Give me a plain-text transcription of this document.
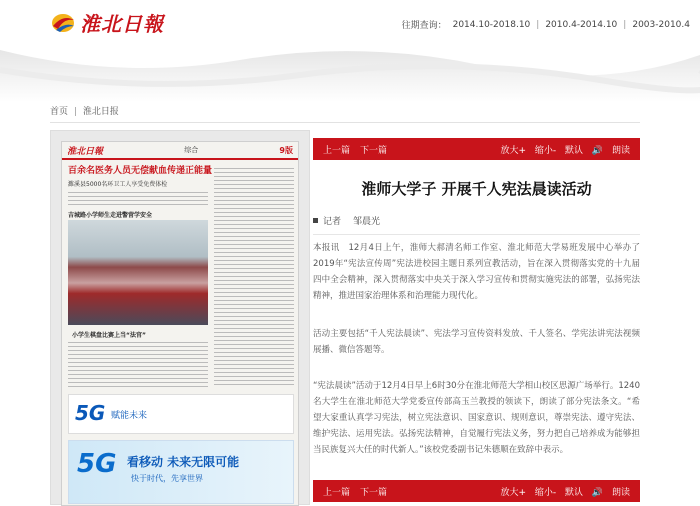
淮北日報	往期查询： 2014.10-2018.10 | 2010.4-2014.10 | 2003-2010.4
首页 | 淮北日报
淮北日報	综合	9版
百余名医务人员无偿献血传递正能量
濉溪县5000名环卫工人享受免费体检
吉城路小学师生走进警营学安全
小学生棋盘比赛上当“法官”
5G 赋能未来
5G 看移动 未来无限可能
快于时代，先享世界
上一篇 下一篇	放大+ 缩小- 默认 🔊 朗读
淮师大学子 开展千人宪法晨读活动
记者 邹晨光

本报讯　12月4日上午，淮师大郝清名师工作室、淮北师范大学易班发展中心举办了2019年“宪法宣传周”宪法进校园主题日系列宣教活动，旨在深入贯彻落实党的十九届四中全会精神，深入贯彻落实中央关于深入学习宣传和贯彻实施宪法的部署，弘扬宪法精神，推进国家治理体系和治理能力现代化。

活动主要包括“千人宪法晨读”、宪法学习宣传资料发放、千人签名、学宪法讲宪法视频展播、微信答题等。

“宪法晨读”活动于12月4日早上6时30分在淮北师范大学相山校区思源广场举行。1240名大学生在淮北师范大学党委宣传部高玉兰教授的领读下，朗读了部分宪法条文。“希望大家重认真学习宪法，树立宪法意识、国家意识、规则意识，尊崇宪法、遵守宪法、维护宪法、运用宪法。弘扬宪法精神，自觉履行宪法义务，努力把自己培养成为能够担当民族复兴大任的时代新人。”该校党委副书记朱德顺在致辞中表示。

上一篇 下一篇	放大+ 缩小- 默认 🔊 朗读
